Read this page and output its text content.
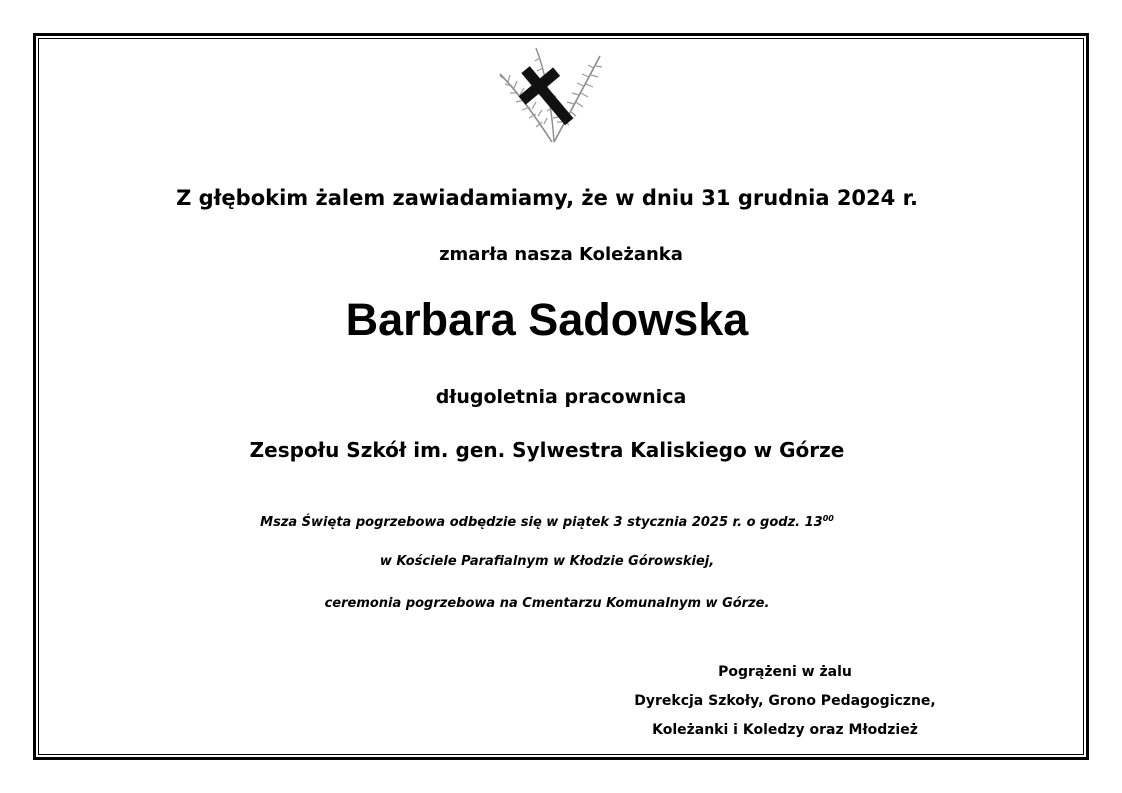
Z głębokim żalem zawiadamiamy, że w dniu 31 grudnia 2024 r.
zmarła nasza Koleżanka
Barbara Sadowska
długoletnia pracownica
Zespołu Szkół im. gen. Sylwestra Kaliskiego w Górze
Msza Święta pogrzebowa odbędzie się w piątek 3 stycznia 2025 r. o godz. $13^{00}$
w Kościele Parafialnym w Kłodzie Górowskiej,
ceremonia pogrzebowa na Cmentarzu Komunalnym w Górze.
Pogrążeni w żalu
Dyrekcja Szkoły, Grono Pedagogiczne,
Koleżanki i Koledzy oraz Młodzież
